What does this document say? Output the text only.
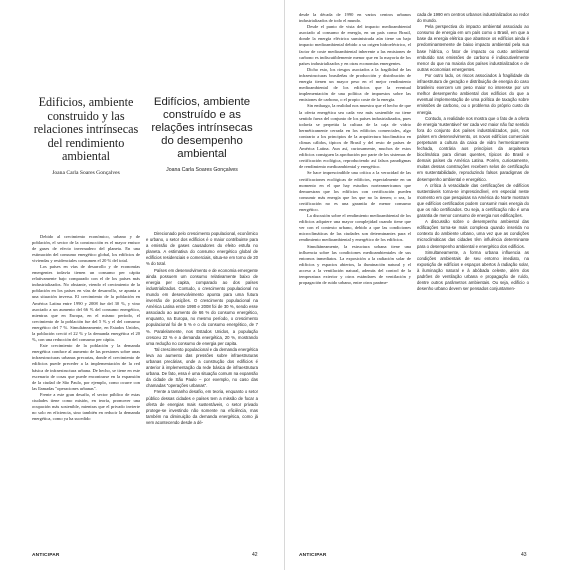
Edificios, ambiente construido y las relaciones intrínsecas del rendimiento ambiental
Joana Carla Soares Gonçalves

Debido al crecimiento económico, urbano y de población, el sector de la construcción es el mayor emisor de gases de efecto invernadero del planeta. En una estimación del consumo energético global, los edificios de viviendas y residenciales consumen el 20 % del total.

Los países en vías de desarrollo y de economías emergentes todavía tienen un consumo per cápita relativamente bajo comparado con el de los países más industrializados. No obstante, viendo el crecimiento de la población en los países en vías de desarrollo, se apunta a una situación inversa. El crecimiento de la población en América Latina entre 1990 y 2008 fue del 30 %, y vino asociado a un aumento del 66 % del consumo energético, mientras que en Europa, en el mismo período, el crecimiento de la población fue del 5 % y el del consumo energético del 7 %. Simultáneamente, en Estados Unidos, la población creció el 22 % y la demanda energética el 20 %, con una reducción del consumo per cápita.

Este crecimiento de la población y la demanda energética conduce al aumento de las presiones sobre unas infraestructuras urbanas precarias, donde el crecimiento de edificios puede preceder a la implementación de la red básica de infraestructura urbana. De hecho, se tiene en este escenario de cosas que puede encontrarse en la expansión de la ciudad de São Paulo, por ejemplo, como ocurre con las llamadas "operaciones urbanas".

Frente a este gran desafío, el sector público de estas ciudades tiene como misión, en teoría, promover una ocupación más sostenible, mientras que el privado invierte no solo en eficiencia, sino también en reducir la demanda energética, como ya ha sucedido

Edifícios, ambiente construído e as relações intrínsecas do desempenho ambiental
Joana Carla Soares Gonçalves

Direcionado pelo crescimento populacional, econômico e urbano, o setor dos edifícios é o maior contribuinte para a emissão de gases causadores do efeito estufa no planeta. A estimativa do consumo energético global de edifícios residenciais e comerciais, situa-se em torno de 20 % do total.

Países em desenvolvimento e de economia emergente ainda possuem um consumo relativamente baixo de energia per capita, comparado ao dos países industrializados. Contudo, o crescimento populacional no mundo em desenvolvimento aponta para uma futura inversão de posições. O crescimento populacional na América Latina entre 1990 e 2008 foi de 30 %, sendo esse associado ao aumento de 66 % do consumo energético, enquanto, na Europa, no mesmo período, o crescimento populacional foi de 5 % e o do consumo energético, de 7 %. Paralelamente, nos Estados Unidos, a população cresceu 22 % e a demanda energética, 20 %, mostrando uma redução no consumo de energia per capita.

Tal crescimento populacional e da demanda energética leva ao aumento das pressões sobre infraestruturas urbanas precárias, onde a construção dos edifícios é anterior à implementação da rede básica de infraestrutura urbana. De fato, essa é uma situação comum na expansão da cidade de São Paulo – por exemplo, no caso das chamadas "operações urbanas".

Frente a tamanho desafio, em teoria, enquanto o setor público dessas cidades e países tem a missão de focar a oferta de energias mais sustentáveis, o setor privado protege-se investindo não somente na eficiência, mas também na diminuição da demanda energética, como já vem acontecendo desde a dé-

ANTICIPAR	42

desde la década de 1990 en varios centros urbanos industrializados de todo el mundo.

Desde el punto de vista del impacto medioambiental asociado al consumo de energía, en un país como Brasil, donde la energía eléctrica suministrada aún tiene un bajo impacto medioambiental debido a su origen hidroeléctrico, el factor de coste medioambiental inherente a las emisiones de carbono es indiscutiblemente menor que en la mayoría de los países industrializados y en otras economías emergentes.

Dicho esto, los riesgos asociados a la fragilidad de las infraestructuras brasileñas de producción y distribución de energía tienen un mayor peso en el mejor rendimiento medioambiental de los edificios que la eventual implementación de una política de impuestos sobre las emisiones de carbono, o el propio coste de la energía.

Sin embargo, la realidad nos muestra que el hecho de que la oferta energética sea cada vez más sostenible no tiene sentido fuera del conjunto de los países industrializados, pues todavía se perpetúa la cultura de la caja de vidrio herméticamente cerrada en los edificios comerciales, algo contrario a los principios de la arquitectura bioclimática en climas cálidos, típicos de Brasil y del resto de países de América Latina. Aun así, curiosamente, muchos de estos edificios consiguen la aprobación por parte de los sistemas de certificación ecológica, reproduciendo así falsos paradigmas de rendimiento medioambiental y energético.

Se hace imprescindible una crítica a la veracidad de las certificaciones ecológicas de edificios, especialmente en un momento en el que hay estudios norteamericanos que demuestran que los edificios con certificación pueden consumir más energía que los que no la tienen; o sea, la certificación no es una garantía de menor consumo energético.

La discusión sobre el rendimiento medioambiental de los edificios adquiere una mayor complejidad cuando tiene que ver con el contexto urbano, debido a que las condiciones microclimáticas de las ciudades son determinantes para el rendimiento medioambiental y energético de los edificios.

Simultáneamente, la estructura urbana tiene una influencia sobre las condiciones medioambientales de sus entornos inmediatos. La exposición a la radiación solar de edificios y espacios abiertos, la iluminación natural y el acceso a la ventilación natural, además del control de la temperatura exterior y otros estándares de ventilación y propagación de ruido urbano, entre otros paráme-

cada de 1990 em centros urbanos industrializados ao redor do mundo.

Pela perspectiva do impacto ambiental associado ao consumo de energia em um país como o Brasil, em que a base da energia elétrica que abastece os edifícios ainda é predominantemente de baixo impacto ambiental pela sua base hídrica, o fator de impacto ou custo ambiental embutido nas emissões de carbono é indiscutivelmente menor do que na maioria dos países industrializados e de outras economias emergentes.

Por outro lado, os riscos associados à fragilidade da infraestrutura de geração e distribuição de energia do caso brasileiro exercem um peso maior no interesse por um melhor desempenho ambiental dos edifícios do que a eventual implementação de uma política de taxação sobre emissões de carbono, ou o problema do próprio custo da energia.

Contudo, a realidade nos mostra que o fato de a oferta de energia 'sustentável' ser cada vez maior não faz sentido fora do conjunto dos países industrializados, pois, nos países em desenvolvimento, os novos edifícios comerciais perpetuam a cultura da caixa de vidro hermeticamente fechada, contrária aos princípios da arquitetura bioclimática para climas quentes, típicos do Brasil e demais países da América Latina. Porém, curiosamente, muitas dessas construções recebem selos de certificação em sustentabilidade, reproduzindo falsos paradigmas de desempenho ambiental e energético.

A crítica à veracidade das certificações de edifícios sustentáveis torna-se imprescindível, em especial neste momento em que pesquisas na América do Norte mostram que edifícios certificados podem consumir mais energia do que os não certificados. Ou seja, a certificação não é uma garantia de menor consumo de energia nos edificações.

A discussão sobre o desempenho ambiental das edificações torna-se mais complexa quando inserida no contexto do ambiente urbano, uma vez que as condições microclimáticas das cidades têm influência determinante para o desempenho ambiental e energético dos edifícios.

Simultaneamente, a forma urbana influencia as condições ambientais de seu entorno imediato, na exposição de edifícios e espaços abertos à radiação solar, à iluminação natural e à abóbada celeste, além dos padrões de ventilação urbana e propagação de ruído, dentre outros parâmetros ambientais. Ou seja, edifício o desenho urbano devem ser pensados conjuntamen-

ANTICIPAR	43
